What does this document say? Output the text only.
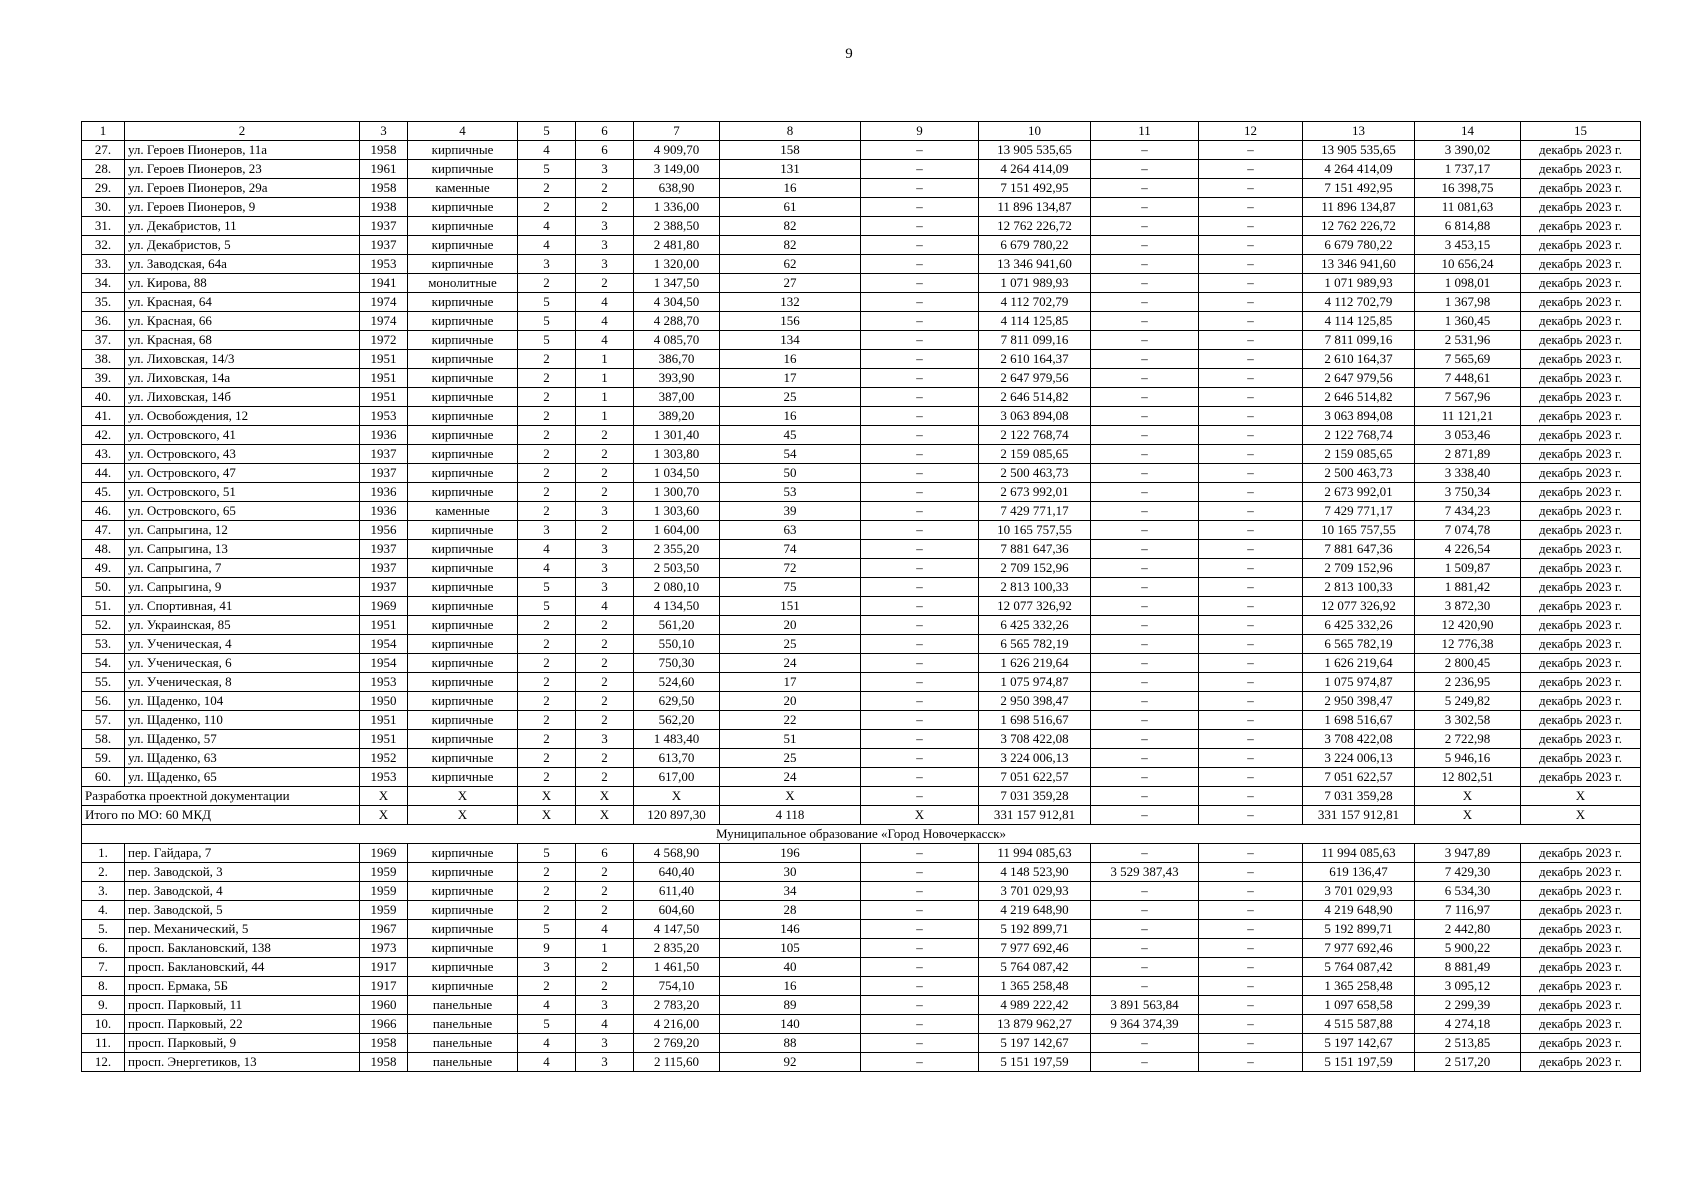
9
1	2	3	4	5	6	7	8	9	10	11	12	13	14	15
27.	ул. Героев Пионеров, 11а	1958	кирпичные	4	6	4 909,70	158	–	13 905 535,65	–	–	13 905 535,65	3 390,02	декабрь 2023 г.
28.	ул. Героев Пионеров, 23	1961	кирпичные	5	3	3 149,00	131	–	4 264 414,09	–	–	4 264 414,09	1 737,17	декабрь 2023 г.
29.	ул. Героев Пионеров, 29а	1958	каменные	2	2	638,90	16	–	7 151 492,95	–	–	7 151 492,95	16 398,75	декабрь 2023 г.
30.	ул. Героев Пионеров, 9	1938	кирпичные	2	2	1 336,00	61	–	11 896 134,87	–	–	11 896 134,87	11 081,63	декабрь 2023 г.
31.	ул. Декабристов, 11	1937	кирпичные	4	3	2 388,50	82	–	12 762 226,72	–	–	12 762 226,72	6 814,88	декабрь 2023 г.
32.	ул. Декабристов, 5	1937	кирпичные	4	3	2 481,80	82	–	6 679 780,22	–	–	6 679 780,22	3 453,15	декабрь 2023 г.
33.	ул. Заводская, 64а	1953	кирпичные	3	3	1 320,00	62	–	13 346 941,60	–	–	13 346 941,60	10 656,24	декабрь 2023 г.
34.	ул. Кирова, 88	1941	монолитные	2	2	1 347,50	27	–	1 071 989,93	–	–	1 071 989,93	1 098,01	декабрь 2023 г.
35.	ул. Красная, 64	1974	кирпичные	5	4	4 304,50	132	–	4 112 702,79	–	–	4 112 702,79	1 367,98	декабрь 2023 г.
36.	ул. Красная, 66	1974	кирпичные	5	4	4 288,70	156	–	4 114 125,85	–	–	4 114 125,85	1 360,45	декабрь 2023 г.
37.	ул. Красная, 68	1972	кирпичные	5	4	4 085,70	134	–	7 811 099,16	–	–	7 811 099,16	2 531,96	декабрь 2023 г.
38.	ул. Лиховская, 14/3	1951	кирпичные	2	1	386,70	16	–	2 610 164,37	–	–	2 610 164,37	7 565,69	декабрь 2023 г.
39.	ул. Лиховская, 14а	1951	кирпичные	2	1	393,90	17	–	2 647 979,56	–	–	2 647 979,56	7 448,61	декабрь 2023 г.
40.	ул. Лиховская, 14б	1951	кирпичные	2	1	387,00	25	–	2 646 514,82	–	–	2 646 514,82	7 567,96	декабрь 2023 г.
41.	ул. Освобождения, 12	1953	кирпичные	2	1	389,20	16	–	3 063 894,08	–	–	3 063 894,08	11 121,21	декабрь 2023 г.
42.	ул. Островского, 41	1936	кирпичные	2	2	1 301,40	45	–	2 122 768,74	–	–	2 122 768,74	3 053,46	декабрь 2023 г.
43.	ул. Островского, 43	1937	кирпичные	2	2	1 303,80	54	–	2 159 085,65	–	–	2 159 085,65	2 871,89	декабрь 2023 г.
44.	ул. Островского, 47	1937	кирпичные	2	2	1 034,50	50	–	2 500 463,73	–	–	2 500 463,73	3 338,40	декабрь 2023 г.
45.	ул. Островского, 51	1936	кирпичные	2	2	1 300,70	53	–	2 673 992,01	–	–	2 673 992,01	3 750,34	декабрь 2023 г.
46.	ул. Островского, 65	1936	каменные	2	3	1 303,60	39	–	7 429 771,17	–	–	7 429 771,17	7 434,23	декабрь 2023 г.
47.	ул. Сапрыгина, 12	1956	кирпичные	3	2	1 604,00	63	–	10 165 757,55	–	–	10 165 757,55	7 074,78	декабрь 2023 г.
48.	ул. Сапрыгина, 13	1937	кирпичные	4	3	2 355,20	74	–	7 881 647,36	–	–	7 881 647,36	4 226,54	декабрь 2023 г.
49.	ул. Сапрыгина, 7	1937	кирпичные	4	3	2 503,50	72	–	2 709 152,96	–	–	2 709 152,96	1 509,87	декабрь 2023 г.
50.	ул. Сапрыгина, 9	1937	кирпичные	5	3	2 080,10	75	–	2 813 100,33	–	–	2 813 100,33	1 881,42	декабрь 2023 г.
51.	ул. Спортивная, 41	1969	кирпичные	5	4	4 134,50	151	–	12 077 326,92	–	–	12 077 326,92	3 872,30	декабрь 2023 г.
52.	ул. Украинская, 85	1951	кирпичные	2	2	561,20	20	–	6 425 332,26	–	–	6 425 332,26	12 420,90	декабрь 2023 г.
53.	ул. Ученическая, 4	1954	кирпичные	2	2	550,10	25	–	6 565 782,19	–	–	6 565 782,19	12 776,38	декабрь 2023 г.
54.	ул. Ученическая, 6	1954	кирпичные	2	2	750,30	24	–	1 626 219,64	–	–	1 626 219,64	2 800,45	декабрь 2023 г.
55.	ул. Ученическая, 8	1953	кирпичные	2	2	524,60	17	–	1 075 974,87	–	–	1 075 974,87	2 236,95	декабрь 2023 г.
56.	ул. Щаденко, 104	1950	кирпичные	2	2	629,50	20	–	2 950 398,47	–	–	2 950 398,47	5 249,82	декабрь 2023 г.
57.	ул. Щаденко, 110	1951	кирпичные	2	2	562,20	22	–	1 698 516,67	–	–	1 698 516,67	3 302,58	декабрь 2023 г.
58.	ул. Щаденко, 57	1951	кирпичные	2	3	1 483,40	51	–	3 708 422,08	–	–	3 708 422,08	2 722,98	декабрь 2023 г.
59.	ул. Щаденко, 63	1952	кирпичные	2	2	613,70	25	–	3 224 006,13	–	–	3 224 006,13	5 946,16	декабрь 2023 г.
60.	ул. Щаденко, 65	1953	кирпичные	2	2	617,00	24	–	7 051 622,57	–	–	7 051 622,57	12 802,51	декабрь 2023 г.
Разработка проектной документации		X	X	X	X	X	X	–	7 031 359,28	–	–	7 031 359,28	X	X
Итого по МО: 60 МКД		X	X	X	X	120 897,30	4 118	X	331 157 912,81	–	–	331 157 912,81	X	X
Муниципальное образование «Город Новочеркасск»														
1.	пер. Гайдара, 7	1969	кирпичные	5	6	4 568,90	196	–	11 994 085,63	–	–	11 994 085,63	3 947,89	декабрь 2023 г.
2.	пер. Заводской, 3	1959	кирпичные	2	2	640,40	30	–	4 148 523,90	3 529 387,43	–	619 136,47	7 429,30	декабрь 2023 г.
3.	пер. Заводской, 4	1959	кирпичные	2	2	611,40	34	–	3 701 029,93	–	–	3 701 029,93	6 534,30	декабрь 2023 г.
4.	пер. Заводской, 5	1959	кирпичные	2	2	604,60	28	–	4 219 648,90	–	–	4 219 648,90	7 116,97	декабрь 2023 г.
5.	пер. Механический, 5	1967	кирпичные	5	4	4 147,50	146	–	5 192 899,71	–	–	5 192 899,71	2 442,80	декабрь 2023 г.
6.	просп. Баклановский, 138	1973	кирпичные	9	1	2 835,20	105	–	7 977 692,46	–	–	7 977 692,46	5 900,22	декабрь 2023 г.
7.	просп. Баклановский, 44	1917	кирпичные	3	2	1 461,50	40	–	5 764 087,42	–	–	5 764 087,42	8 881,49	декабрь 2023 г.
8.	просп. Ермака, 5Б	1917	кирпичные	2	2	754,10	16	–	1 365 258,48	–	–	1 365 258,48	3 095,12	декабрь 2023 г.
9.	просп. Парковый, 11	1960	панельные	4	3	2 783,20	89	–	4 989 222,42	3 891 563,84	–	1 097 658,58	2 299,39	декабрь 2023 г.
10.	просп. Парковый, 22	1966	панельные	5	4	4 216,00	140	–	13 879 962,27	9 364 374,39	–	4 515 587,88	4 274,18	декабрь 2023 г.
11.	просп. Парковый, 9	1958	панельные	4	3	2 769,20	88	–	5 197 142,67	–	–	5 197 142,67	2 513,85	декабрь 2023 г.
12.	просп. Энергетиков, 13	1958	панельные	4	3	2 115,60	92	–	5 151 197,59	–	–	5 151 197,59	2 517,20	декабрь 2023 г.
